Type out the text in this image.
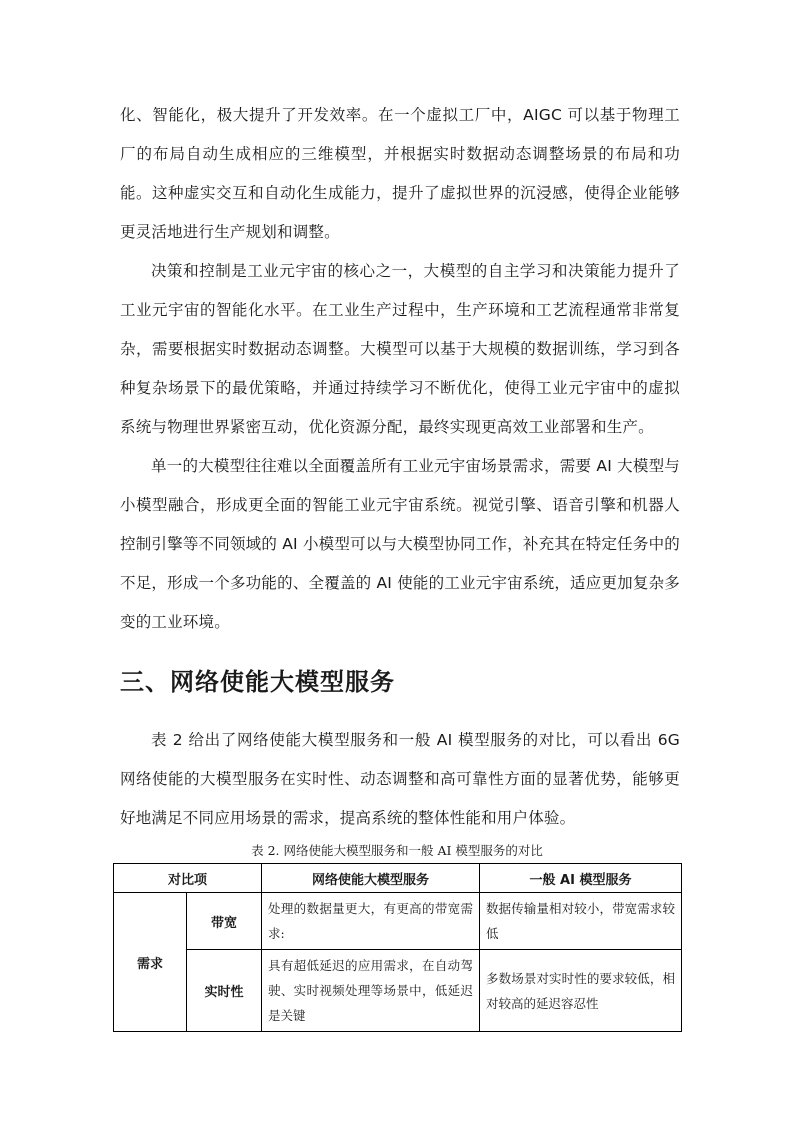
化、智能化，极大提升了开发效率。在一个虚拟工厂中，AIGC 可以基于物理工厂的布局自动生成相应的三维模型，并根据实时数据动态调整场景的布局和功能。这种虚实交互和自动化生成能力，提升了虚拟世界的沉浸感，使得企业能够更灵活地进行生产规划和调整。

决策和控制是工业元宇宙的核心之一，大模型的自主学习和决策能力提升了工业元宇宙的智能化水平。在工业生产过程中，生产环境和工艺流程通常非常复杂，需要根据实时数据动态调整。大模型可以基于大规模的数据训练，学习到各种复杂场景下的最优策略，并通过持续学习不断优化，使得工业元宇宙中的虚拟系统与物理世界紧密互动，优化资源分配，最终实现更高效工业部署和生产。

单一的大模型往往难以全面覆盖所有工业元宇宙场景需求，需要 AI 大模型与小模型融合，形成更全面的智能工业元宇宙系统。视觉引擎、语音引擎和机器人控制引擎等不同领域的 AI 小模型可以与大模型协同工作，补充其在特定任务中的不足，形成一个多功能的、全覆盖的 AI 使能的工业元宇宙系统，适应更加复杂多变的工业环境。

三、网络使能大模型服务

表 2 给出了网络使能大模型服务和一般 AI 模型服务的对比，可以看出 6G 网络使能的大模型服务在实时性、动态调整和高可靠性方面的显著优势，能够更好地满足不同应用场景的需求，提高系统的整体性能和用户体验。

表 2. 网络使能大模型服务和一般 AI 模型服务的对比

对比项		网络使能大模型服务	一般 AI 模型服务
需求	带宽	处理的数据量更大，有更高的带宽需求:	数据传输量相对较小，带宽需求较低
	实时性	具有超低延迟的应用需求，在自动驾驶、实时视频处理等场景中，低延迟是关键	多数场景对实时性的要求较低，相对较高的延迟容忍性
